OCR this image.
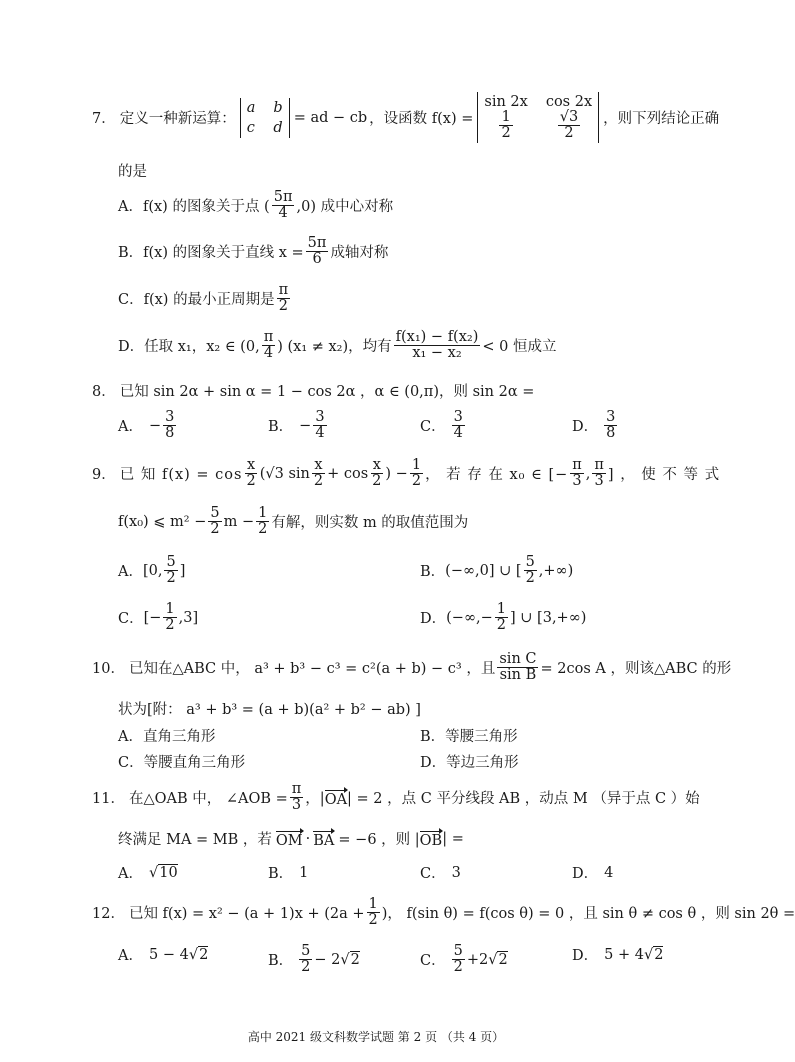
7． 定义一种新运算：
a b
c d
= ad − cb ，设函数 f(x) =
sin 2x cos 2x
$\frac{1}{2}$	$\frac{√3}{2}$ ，则下列结论正确
的是
A． f(x) 的图象关于点 ( $\frac{5\pi}{4} ,0$) 成中心对称
B． f(x) 的图象关于直线 $x = \frac{5\pi}{6}$ 成轴对称
C． f(x) 的最小正周期是 $\frac{\pi}{2}$
D． 任取 x₁，x₂ ∈ (0, $\frac{\pi}{4}$ ) (x₁ ≠ x₂)，均有 $\frac{\text{f(x₁) − f(x₂)}}{\text{x₁ − x₂}} < 0$ 恒成立
8． 已知 sin 2α + sin α = 1 − cos 2α ，α ∈ (0,π)，则 sin 2α =
A． − $\frac{3}{8}$	B． − $\frac{3}{4}$	C． $\frac{3}{4}$	D． $\frac{3}{8}$
9． 已 知 $f(x) = \cos \frac{x}{2} (√3$ $\sin \frac{x}{2} + \cos \frac{x}{2}$ ) − $\frac{1}{2}$ ， 若 存 在 x₀ ∈ [− $\frac{\pi}{3}$ , $\frac{\pi}{3}$ ] ， 使 不 等 式
f(x₀) ⩽ $m^2 - \frac{5}{2}$ $m - \frac{1}{2}$ 有解，则实数 m 的取值范围为
A． [0, $\frac{5}{2}$ ]	B． (−∞,0] ∪ [ $\frac{5}{2}$ ,+∞)
C． [− $\frac{1}{2} ,3$]	D． (−∞,− $\frac{1}{2}$ ] ∪ [3,+∞)
10． 已知在△ABC 中， a³ + b³ − c³ = c²(a + b) − c³ ，且 $\frac{\text{sin C}}{\text{sin B}} = 2\cos$ A ，则该△ABC 的形
状为[附： a³ + b³ = (a + b)(a² + b² − ab) ]
A． 直角三角形	B． 等腰三角形
C． 等腰直角三角形	D． 等边三角形
11． 在△OAB 中， ∠AOB = $\frac{\pi}{3}$ ，| OA | = 2 ，点 C 平分线段 AB ，动点 M （异于点 C ）始
终满足 MA = MB ，若 OM · BA = −6 ，则 | OB | =
A． √ 10	B． 1	C． 3	D． 4
12． 已知 $f(x) = x^2 - (a + 1)x + (2a + \frac{1}{2}$ )， f(sin θ) = f(cos θ) = 0 ，且 sin θ ≠ cos θ ，则 sin 2θ =
A． 5 − 4 √ 2	B． $\frac{5}{2} - 2$ √ 2	C． $\frac{5}{2} +2$ √ 2	D． 5 + 4 √ 2
高中 2021 级文科数学试题 第 2 页 （共 4 页）
